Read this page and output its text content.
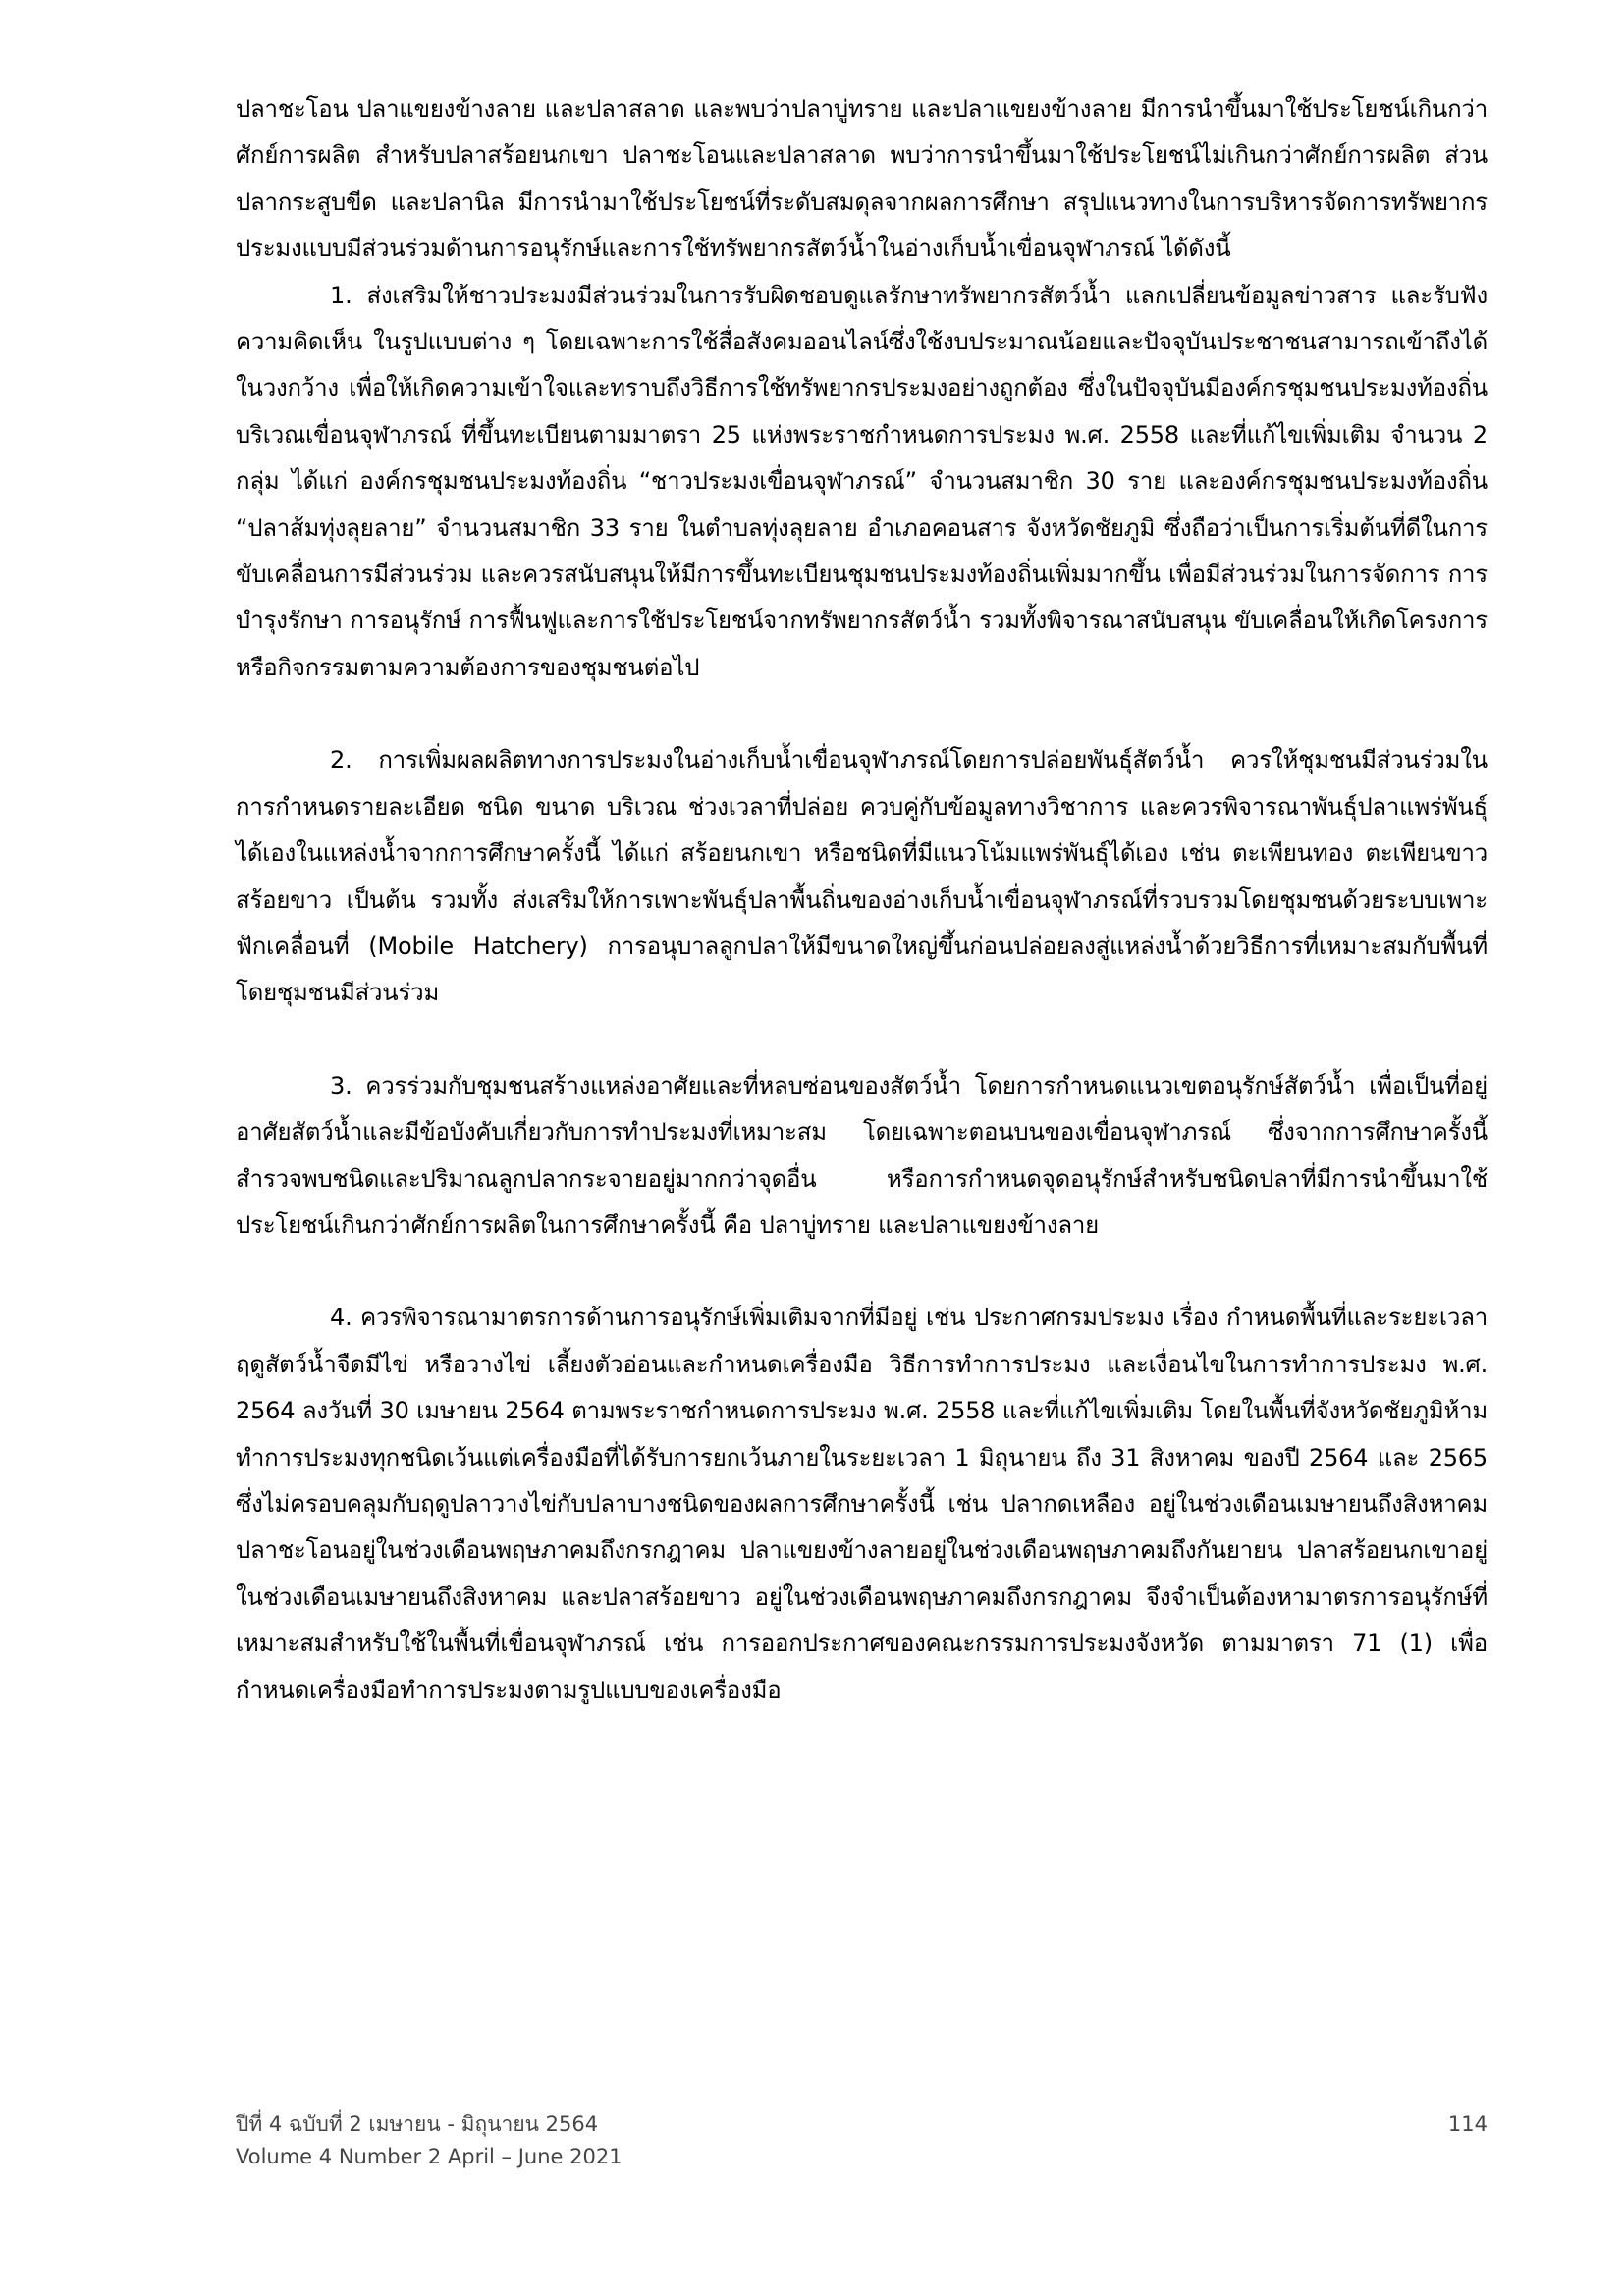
ปลาชะโอน ปลาแขยงข้างลาย และปลาสลาด และพบว่าปลาบู่ทราย และปลาแขยงข้างลาย มีการนำขึ้นมาใช้ประโยชน์เกินกว่าศักย์การผลิต สำหรับปลาสร้อยนกเขา ปลาชะโอนและปลาสลาด พบว่าการนำขึ้นมาใช้ประโยชน์ไม่เกินกว่าศักย์การผลิต ส่วนปลากระสูบขีด และปลานิล มีการนำมาใช้ประโยชน์ที่ระดับสมดุลจากผลการศึกษา สรุปแนวทางในการบริหารจัดการทรัพยากรประมงแบบมีส่วนร่วมด้านการอนุรักษ์และการใช้ทรัพยากรสัตว์น้ำในอ่างเก็บน้ำเขื่อนจุฬาภรณ์ ได้ดังนี้

1. ส่งเสริมให้ชาวประมงมีส่วนร่วมในการรับผิดชอบดูแลรักษาทรัพยากรสัตว์น้ำ แลกเปลี่ยนข้อมูลข่าวสาร และรับฟังความคิดเห็น ในรูปแบบต่าง ๆ โดยเฉพาะการใช้สื่อสังคมออนไลน์ซึ่งใช้งบประมาณน้อยและปัจจุบันประชาชนสามารถเข้าถึงได้ในวงกว้าง เพื่อให้เกิดความเข้าใจและทราบถึงวิธีการใช้ทรัพยากรประมงอย่างถูกต้อง ซึ่งในปัจจุบันมีองค์กรชุมชนประมงท้องถิ่นบริเวณเขื่อนจุฬาภรณ์ ที่ขึ้นทะเบียนตามมาตรา 25 แห่งพระราชกำหนดการประมง พ.ศ. 2558 และที่แก้ไขเพิ่มเติม จำนวน 2 กลุ่ม ได้แก่ องค์กรชุมชนประมงท้องถิ่น “ชาวประมงเขื่อนจุฬาภรณ์” จำนวนสมาชิก 30 ราย และองค์กรชุมชนประมงท้องถิ่น “ปลาส้มทุ่งลุยลาย” จำนวนสมาชิก 33 ราย ในตำบลทุ่งลุยลาย อำเภอคอนสาร จังหวัดชัยภูมิ ซึ่งถือว่าเป็นการเริ่มต้นที่ดีในการขับเคลื่อนการมีส่วนร่วม และควรสนับสนุนให้มีการขึ้นทะเบียนชุมชนประมงท้องถิ่นเพิ่มมากขึ้น เพื่อมีส่วนร่วมในการจัดการ การบำรุงรักษา การอนุรักษ์ การฟื้นฟูและการใช้ประโยชน์จากทรัพยากรสัตว์น้ำ รวมทั้งพิจารณาสนับสนุน ขับเคลื่อนให้เกิดโครงการหรือกิจกรรมตามความต้องการของชุมชนต่อไป

2. การเพิ่มผลผลิตทางการประมงในอ่างเก็บน้ำเขื่อนจุฬาภรณ์โดยการปล่อยพันธุ์สัตว์น้ำ ควรให้ชุมชนมีส่วนร่วมในการกำหนดรายละเอียด ชนิด ขนาด บริเวณ ช่วงเวลาที่ปล่อย ควบคู่กับข้อมูลทางวิชาการ และควรพิจารณาพันธุ์ปลาแพร่พันธุ์ได้เองในแหล่งน้ำจากการศึกษาครั้งนี้ ได้แก่ สร้อยนกเขา หรือชนิดที่มีแนวโน้มแพร่พันธุ์ได้เอง เช่น ตะเพียนทอง ตะเพียนขาว สร้อยขาว เป็นต้น รวมทั้ง ส่งเสริมให้การเพาะพันธุ์ปลาพื้นถิ่นของอ่างเก็บน้ำเขื่อนจุฬาภรณ์ที่รวบรวมโดยชุมชนด้วยระบบเพาะฟักเคลื่อนที่ (Mobile Hatchery) การอนุบาลลูกปลาให้มีขนาดใหญ่ขึ้นก่อนปล่อยลงสู่แหล่งน้ำด้วยวิธีการที่เหมาะสมกับพื้นที่โดยชุมชนมีส่วนร่วม

3. ควรร่วมกับชุมชนสร้างแหล่งอาศัยและที่หลบซ่อนของสัตว์น้ำ โดยการกำหนดแนวเขตอนุรักษ์สัตว์น้ำ เพื่อเป็นที่อยู่อาศัยสัตว์น้ำและมีข้อบังคับเกี่ยวกับการทำประมงที่เหมาะสม โดยเฉพาะตอนบนของเขื่อนจุฬาภรณ์ ซึ่งจากการศึกษาครั้งนี้สำรวจพบชนิดและปริมาณลูกปลากระจายอยู่มากกว่าจุดอื่น หรือการกำหนดจุดอนุรักษ์สำหรับชนิดปลาที่มีการนำขึ้นมาใช้ประโยชน์เกินกว่าศักย์การผลิตในการศึกษาครั้งนี้ คือ ปลาบู่ทราย และปลาแขยงข้างลาย

4. ควรพิจารณามาตรการด้านการอนุรักษ์เพิ่มเติมจากที่มีอยู่ เช่น ประกาศกรมประมง เรื่อง กำหนดพื้นที่และระยะเวลาฤดูสัตว์น้ำจืดมีไข่ หรือวางไข่ เลี้ยงตัวอ่อนและกำหนดเครื่องมือ วิธีการทำการประมง และเงื่อนไขในการทำการประมง พ.ศ. 2564 ลงวันที่ 30 เมษายน 2564 ตามพระราชกำหนดการประมง พ.ศ. 2558 และที่แก้ไขเพิ่มเติม โดยในพื้นที่จังหวัดชัยภูมิห้ามทำการประมงทุกชนิดเว้นแต่เครื่องมือที่ได้รับการยกเว้นภายในระยะเวลา 1 มิถุนายน ถึง 31 สิงหาคม ของปี 2564 และ 2565 ซึ่งไม่ครอบคลุมกับฤดูปลาวางไข่กับปลาบางชนิดของผลการศึกษาครั้งนี้ เช่น ปลากดเหลือง อยู่ในช่วงเดือนเมษายนถึงสิงหาคม ปลาชะโอนอยู่ในช่วงเดือนพฤษภาคมถึงกรกฎาคม ปลาแขยงข้างลายอยู่ในช่วงเดือนพฤษภาคมถึงกันยายน ปลาสร้อยนกเขาอยู่ในช่วงเดือนเมษายนถึงสิงหาคม และปลาสร้อยขาว อยู่ในช่วงเดือนพฤษภาคมถึงกรกฎาคม จึงจำเป็นต้องหามาตรการอนุรักษ์ที่เหมาะสมสำหรับใช้ในพื้นที่เขื่อนจุฬาภรณ์ เช่น การออกประกาศของคณะกรรมการประมงจังหวัด ตามมาตรา 71 (1) เพื่อกำหนดเครื่องมือทำการประมงตามรูปแบบของเครื่องมือ

ปีที่ 4 ฉบับที่ 2 เมษายน - มิถุนายน 2564
Volume 4 Number 2 April – June 2021
114
